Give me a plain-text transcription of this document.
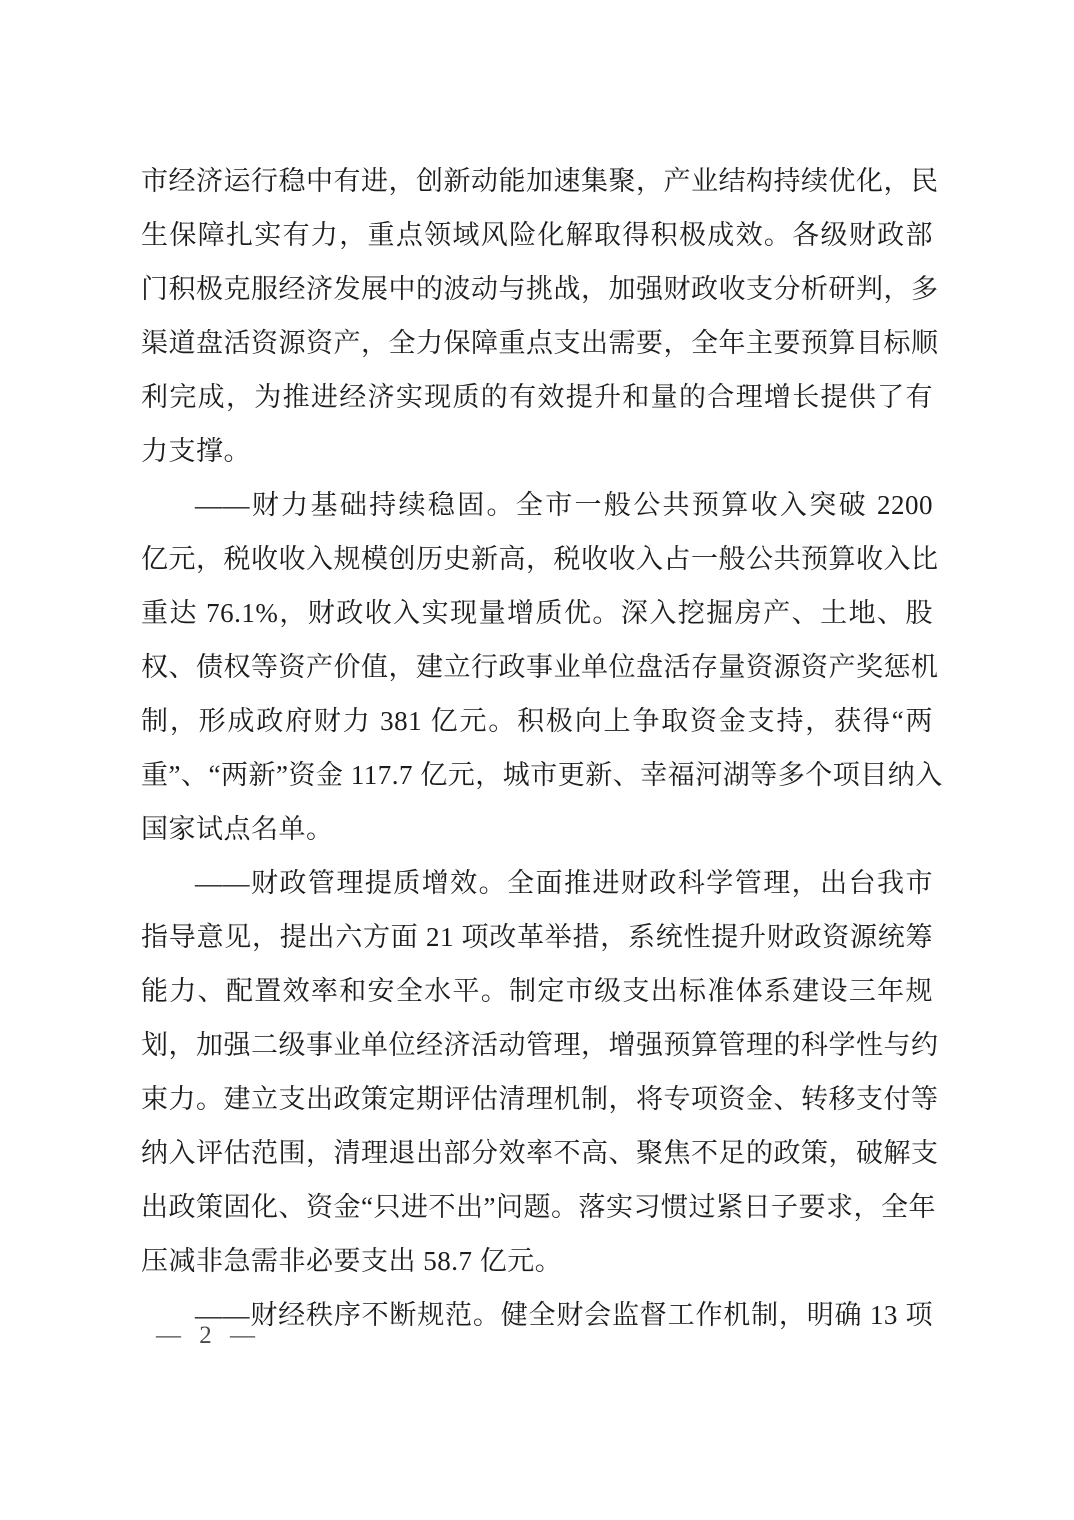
市经济运行稳中有进，创新动能加速集聚，产业结构持续优化，民
生保障扎实有力，重点领域风险化解取得积极成效。各级财政部
门积极克服经济发展中的波动与挑战，加强财政收支分析研判，多
渠道盘活资源资产，全力保障重点支出需要，全年主要预算目标顺
利完成，为推进经济实现质的有效提升和量的合理增长提供了有
力支撑。
——财力基础持续稳固。全市一般公共预算收入突破 2200
亿元，税收收入规模创历史新高，税收收入占一般公共预算收入比
重达 76.1%，财政收入实现量增质优。深入挖掘房产、土地、股
权、债权等资产价值，建立行政事业单位盘活存量资源资产奖惩机
制，形成政府财力 381 亿元。积极向上争取资金支持，获得“两
重”、“两新”资金 117.7 亿元，城市更新、幸福河湖等多个项目纳入
国家试点名单。
——财政管理提质增效。全面推进财政科学管理，出台我市
指导意见，提出六方面 21 项改革举措，系统性提升财政资源统筹
能力、配置效率和安全水平。制定市级支出标准体系建设三年规
划，加强二级事业单位经济活动管理，增强预算管理的科学性与约
束力。建立支出政策定期评估清理机制，将专项资金、转移支付等
纳入评估范围，清理退出部分效率不高、聚焦不足的政策，破解支
出政策固化、资金“只进不出”问题。落实习惯过紧日子要求，全年
压减非急需非必要支出 58.7 亿元。
——财经秩序不断规范。健全财会监督工作机制，明确 13 项
— 2 —
